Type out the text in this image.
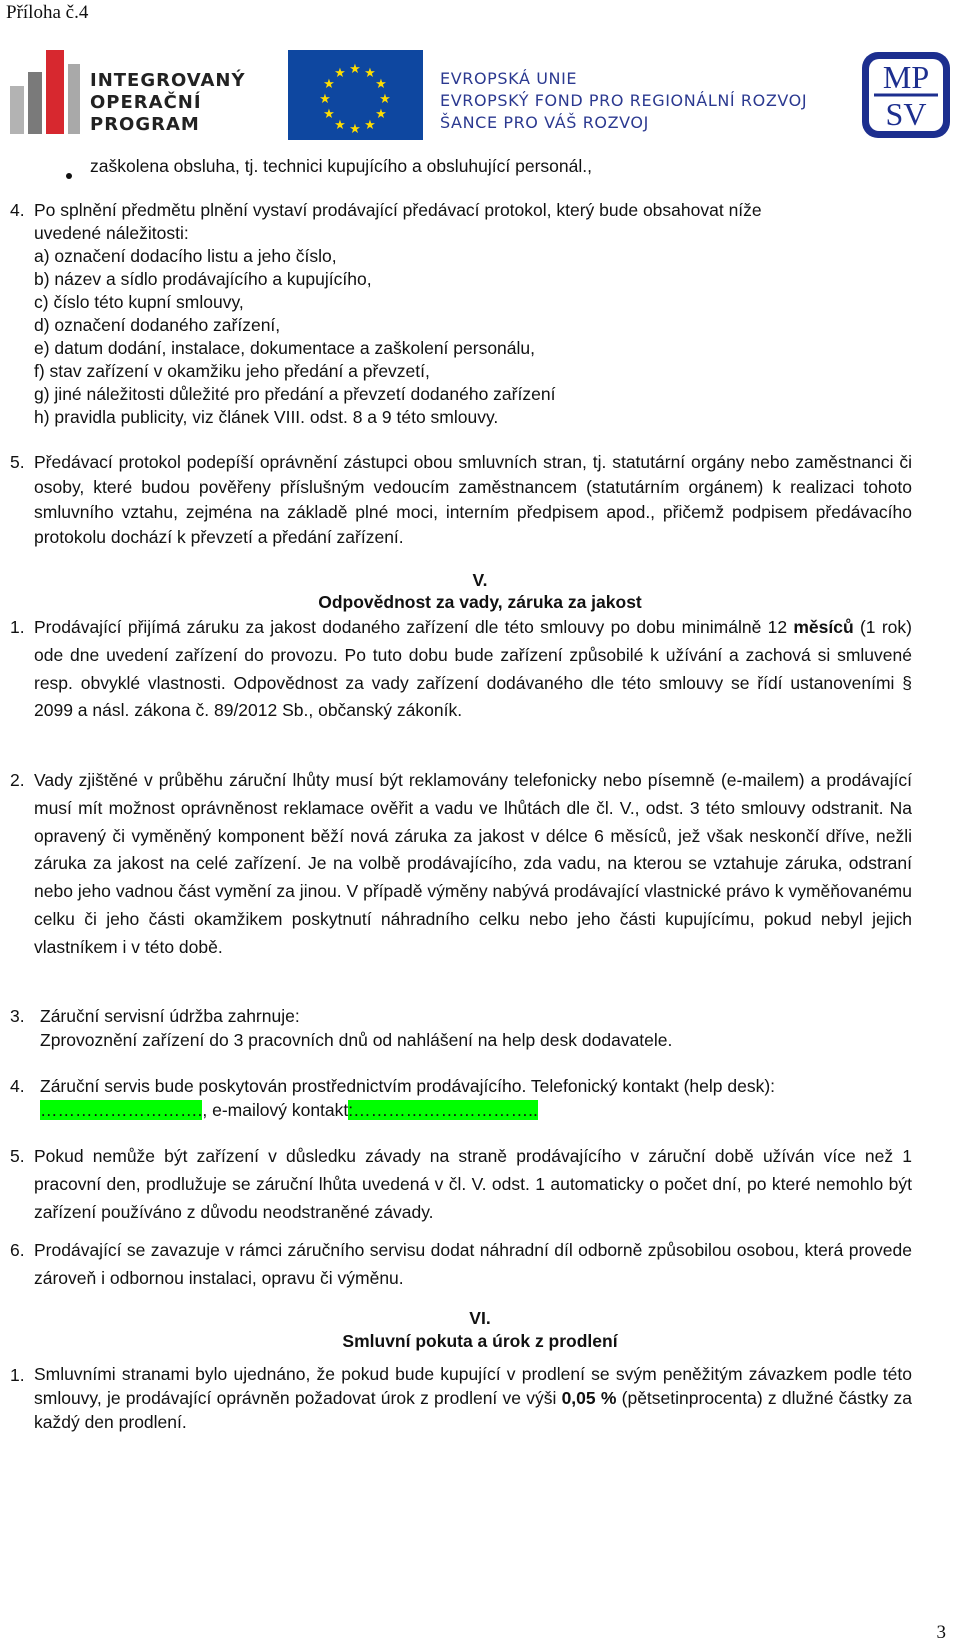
Příloha č.4
INTEGROVANÝ
OPERAČNÍ
PROGRAM
★ ★
★
★
★
★
★
★
★
★
★
★	EVROPSKÁ UNIE
EVROPSKÝ FOND PRO REGIONÁLNÍ ROZVOJ
ŠANCE PRO VÁŠ ROZVOJ
MP
SV
zaškolena obsluha, tj. technici kupujícího a obsluhující personál.,
4. Po splnění předmětu plnění vystaví prodávající předávací protokol, který bude obsahovat níže
uvedené náležitosti:
a) označení dodacího listu a jeho číslo,
b) název a sídlo prodávajícího a kupujícího,
c) číslo této kupní smlouvy,
d) označení dodaného zařízení,
e) datum dodání, instalace, dokumentace a zaškolení personálu,
f) stav zařízení v okamžiku jeho předání a převzetí,
g) jiné náležitosti důležité pro předání a převzetí dodaného zařízení
h) pravidla publicity, viz článek VIII. odst. 8 a 9 této smlouvy.
5. Předávací protokol podepíší oprávnění zástupci obou smluvních stran, tj. statutární orgány nebo zaměstnanci či osoby, které budou pověřeny příslušným vedoucím zaměstnancem (statutárním orgánem) k realizaci tohoto smluvního vztahu, zejména na základě plné moci, interním předpisem apod., přičemž podpisem předávacího protokolu dochází k převzetí a předání zařízení.
V.
Odpovědnost za vady, záruka za jakost
1. Prodávající přijímá záruku za jakost dodaného zařízení dle této smlouvy po dobu minimálně 12 měsíců (1 rok) ode dne uvedení zařízení do provozu. Po tuto dobu bude zařízení způsobilé k užívání a zachová si smluvené resp. obvyklé vlastnosti. Odpovědnost za vady zařízení dodávaného dle této smlouvy se řídí ustanoveními § 2099 a násl. zákona č. 89/2012 Sb., občanský zákoník.
2. Vady zjištěné v průběhu záruční lhůty musí být reklamovány telefonicky nebo písemně (e-mailem) a prodávající musí mít možnost oprávněnost reklamace ověřit a vadu ve lhůtách dle čl. V., odst. 3 této smlouvy odstranit. Na opravený či vyměněný komponent běží nová záruka za jakost v délce 6 měsíců, jež však neskončí dříve, nežli záruka za jakost na celé zařízení. Je na volbě prodávajícího, zda vadu, na kterou se vztahuje záruka, odstraní nebo jeho vadnou část vymění za jinou. V případě výměny nabývá prodávající vlastnické právo k vyměňovanému celku či jeho části okamžikem poskytnutí náhradního celku nebo jeho části kupujícímu, pokud nebyl jejich vlastníkem i v této době.
3. Záruční servisní údržba zahrnuje:
Zprovoznění zařízení do 3 pracovních dnů od nahlášení na help desk dodavatele.
4. Záruční servis bude poskytován prostřednictvím prodávajícího. Telefonický kontakt (help desk):
………………………., e-mailový kontakt:…………………………..
5. Pokud nemůže být zařízení v důsledku závady na straně prodávajícího v záruční době užíván více než 1 pracovní den, prodlužuje se záruční lhůta uvedená v čl. V. odst. 1 automaticky o počet dní, po které nemohlo být zařízení používáno z důvodu neodstraněné závady.
6. Prodávající se zavazuje v rámci záručního servisu dodat náhradní díl odborně způsobilou osobou, která provede zároveň i odbornou instalaci, opravu či výměnu.
VI.
Smluvní pokuta a úrok z prodlení
1. Smluvními stranami bylo ujednáno, že pokud bude kupující v prodlení se svým peněžitým závazkem podle této smlouvy, je prodávající oprávněn požadovat úrok z prodlení ve výši 0,05 % (pětsetinprocenta) z dlužné částky za každý den prodlení.
3
